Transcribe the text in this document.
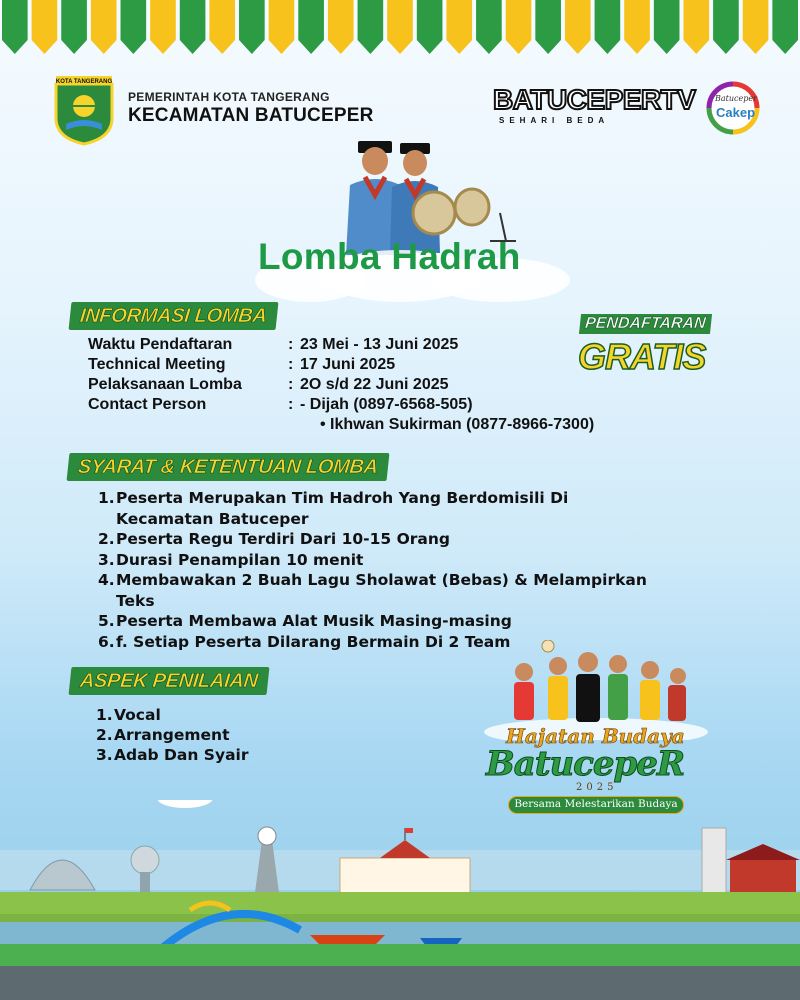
KOTA TANGERANG
PEMERINTAH KOTA TANGERANG
KECAMATAN BATUCEPER
BATUCEPERTV
SEHARI BEDA
Batuceper
Cakep
Lomba Hadrah
INFORMASI LOMBA
Waktu Pendaftaran	: 23 Mei - 13 Juni 2025
Technical Meeting	: 17 Juni 2025
Pelaksanaan Lomba	: 2O s/d 22 Juni 2025
Contact Person	: - Dijah (0897-6568-505)
• Ikhwan Sukirman (0877-8966-7300)
PENDAFTARAN
GRATIS
SYARAT & KETENTUAN LOMBA
1. Peserta Merupakan Tim Hadroh Yang Berdomisili Di
Kecamatan Batuceper
2. Peserta Regu Terdiri Dari 10-15 Orang
3. Durasi Penampilan 10 menit
4. Membawakan 2 Buah Lagu Sholawat (Bebas) & Melampirkan
Teks
5. Peserta Membawa Alat Musik Masing-masing
6. f. Setiap Peserta Dilarang Bermain Di 2 Team
ASPEK PENILAIAN
1. Vocal
2. Arrangement
3. Adab Dan Syair
Hajatan Budaya
BatucepeR
2025
Bersama Melestarikan Budaya
